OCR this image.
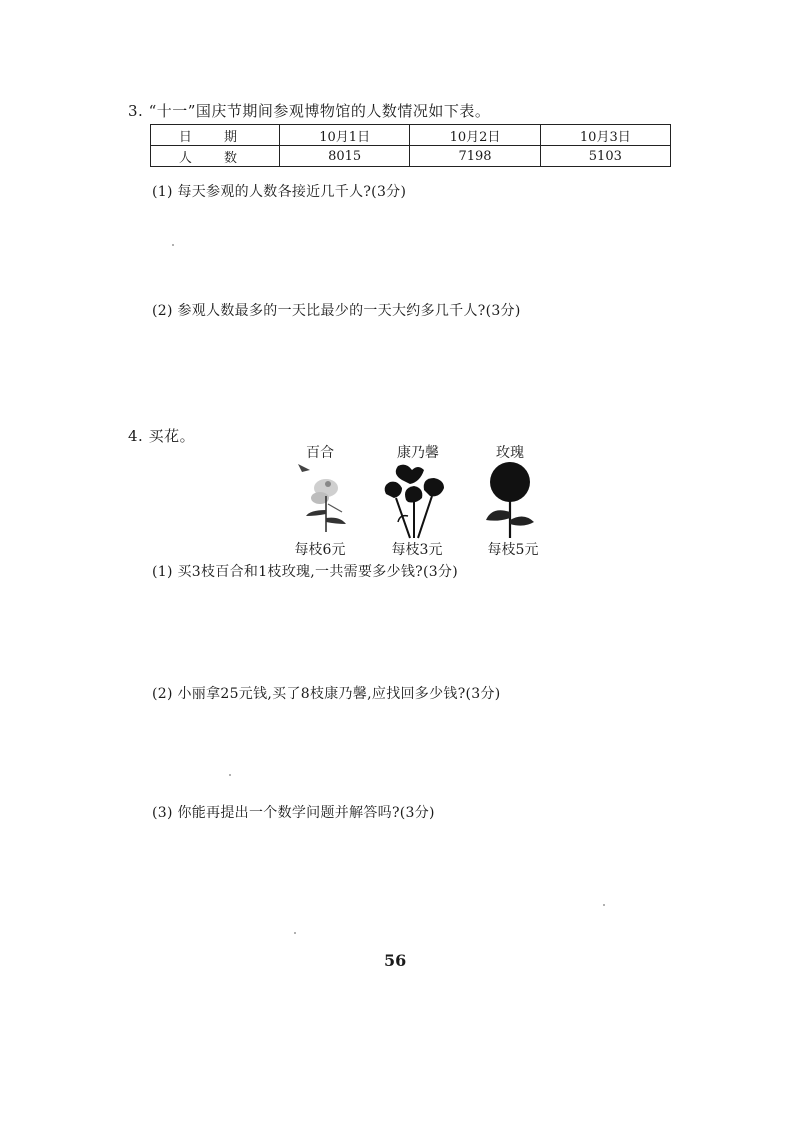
3. “十一”国庆节期间参观博物馆的人数情况如下表。
日 期	10月1日	10月2日	10月3日
人 数	8015	7198	5103
(1) 每天参观的人数各接近几千人?(3分)
(2) 参观人数最多的一天比最少的一天大约多几千人?(3分)
4. 买花。
百合	康乃馨	玫瑰
每枝6元	每枝3元	每枝5元
(1) 买3枝百合和1枝玫瑰,一共需要多少钱?(3分)
(2) 小丽拿25元钱,买了8枝康乃馨,应找回多少钱?(3分)
(3) 你能再提出一个数学问题并解答吗?(3分)
56
